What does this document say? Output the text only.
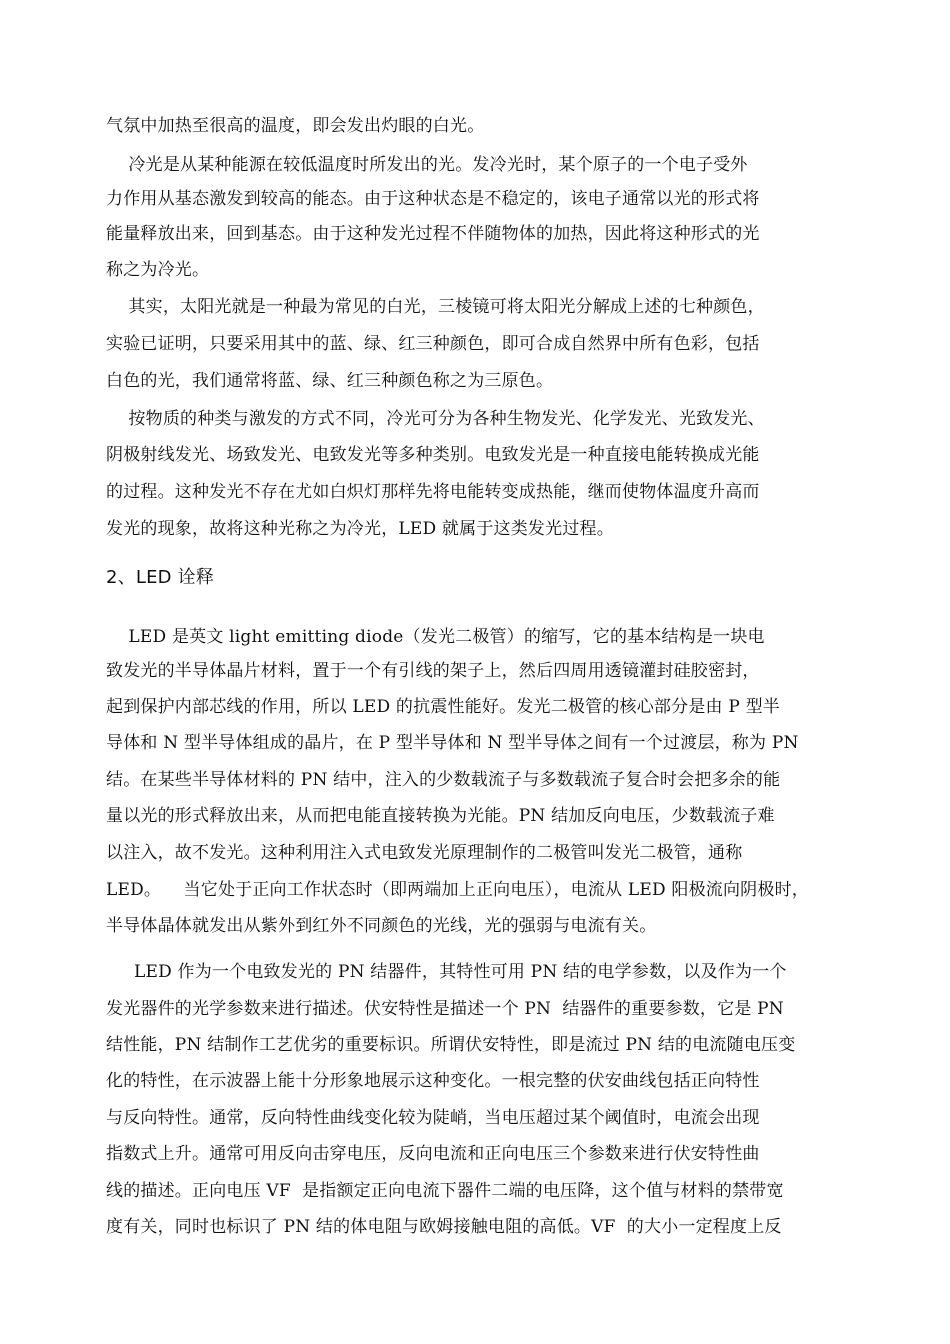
气氛中加热至很高的温度，即会发出灼眼的白光。
冷光是从某种能源在较低温度时所发出的光。发冷光时，某个原子的一个电子受外
力作用从基态激发到较高的能态。由于这种状态是不稳定的，该电子通常以光的形式将
能量释放出来，回到基态。由于这种发光过程不伴随物体的加热，因此将这种形式的光
称之为冷光。
其实，太阳光就是一种最为常见的白光，三棱镜可将太阳光分解成上述的七种颜色，
实验已证明，只要采用其中的蓝、绿、红三种颜色，即可合成自然界中所有色彩，包括
白色的光，我们通常将蓝、绿、红三种颜色称之为三原色。
按物质的种类与激发的方式不同，冷光可分为各种生物发光、化学发光、光致发光、
阴极射线发光、场致发光、电致发光等多种类别。电致发光是一种直接电能转换成光能
的过程。这种发光不存在尤如白炽灯那样先将电能转变成热能，继而使物体温度升高而
发光的现象，故将这种光称之为冷光，LED 就属于这类发光过程。
2、LED 诠释
LED 是英文 light emitting diode（发光二极管）的缩写，它的基本结构是一块电
致发光的半导体晶片材料，置于一个有引线的架子上，然后四周用透镜灌封硅胶密封，
起到保护内部芯线的作用，所以 LED 的抗震性能好。发光二极管的核心部分是由 P 型半
导体和 N 型半导体组成的晶片，在 P 型半导体和 N 型半导体之间有一个过渡层，称为 PN
结。在某些半导体材料的 PN 结中，注入的少数载流子与多数载流子复合时会把多余的能
量以光的形式释放出来，从而把电能直接转换为光能。PN 结加反向电压，少数载流子难
以注入，故不发光。这种利用注入式电致发光原理制作的二极管叫发光二极管，通称
LED。    当它处于正向工作状态时（即两端加上正向电压），电流从 LED 阳极流向阴极时，
半导体晶体就发出从紫外到红外不同颜色的光线，光的强弱与电流有关。
LED 作为一个电致发光的 PN 结器件，其特性可用 PN 结的电学参数，以及作为一个
发光器件的光学参数来进行描述。伏安特性是描述一个 PN  结器件的重要参数，它是 PN
结性能，PN 结制作工艺优劣的重要标识。所谓伏安特性，即是流过 PN 结的电流随电压变
化的特性，在示波器上能十分形象地展示这种变化。一根完整的伏安曲线包括正向特性
与反向特性。通常，反向特性曲线变化较为陡峭，当电压超过某个阈值时，电流会出现
指数式上升。通常可用反向击穿电压，反向电流和正向电压三个参数来进行伏安特性曲
线的描述。正向电压 VF  是指额定正向电流下器件二端的电压降，这个值与材料的禁带宽
度有关，同时也标识了 PN 结的体电阻与欧姆接触电阻的高低。VF  的大小一定程度上反
